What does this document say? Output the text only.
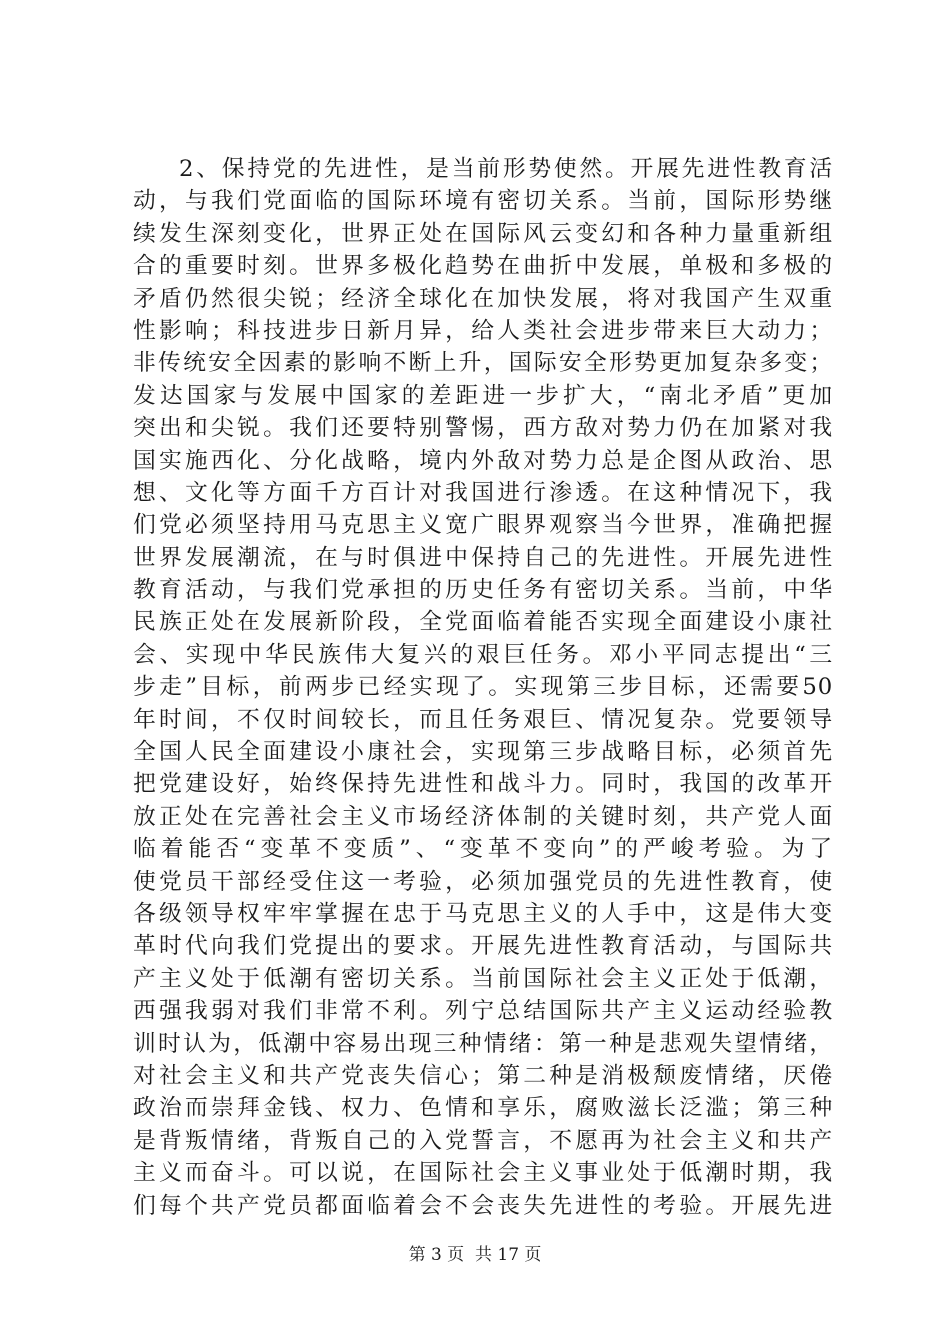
2、保持党的先进性，是当前形势使然。开展先进性教育活
动，与我们党面临的国际环境有密切关系。当前，国际形势继
续发生深刻变化，世界正处在国际风云变幻和各种力量重新组
合的重要时刻。世界多极化趋势在曲折中发展，单极和多极的
矛盾仍然很尖锐；经济全球化在加快发展，将对我国产生双重
性影响；科技进步日新月异，给人类社会进步带来巨大动力；
非传统安全因素的影响不断上升，国际安全形势更加复杂多变；
发达国家与发展中国家的差距进一步扩大，“南北矛盾”更加
突出和尖锐。我们还要特别警惕，西方敌对势力仍在加紧对我
国实施西化、分化战略，境内外敌对势力总是企图从政治、思
想、文化等方面千方百计对我国进行渗透。在这种情况下，我
们党必须坚持用马克思主义宽广眼界观察当今世界，准确把握
世界发展潮流，在与时俱进中保持自己的先进性。开展先进性
教育活动，与我们党承担的历史任务有密切关系。当前，中华
民族正处在发展新阶段，全党面临着能否实现全面建设小康社
会、实现中华民族伟大复兴的艰巨任务。邓小平同志提出“三
步走”目标，前两步已经实现了。实现第三步目标，还需要50
年时间，不仅时间较长，而且任务艰巨、情况复杂。党要领导
全国人民全面建设小康社会，实现第三步战略目标，必须首先
把党建设好，始终保持先进性和战斗力。同时，我国的改革开
放正处在完善社会主义市场经济体制的关键时刻，共产党人面
临着能否“变革不变质”、“变革不变向”的严峻考验。为了
使党员干部经受住这一考验，必须加强党员的先进性教育，使
各级领导权牢牢掌握在忠于马克思主义的人手中，这是伟大变
革时代向我们党提出的要求。开展先进性教育活动，与国际共
产主义处于低潮有密切关系。当前国际社会主义正处于低潮，
西强我弱对我们非常不利。列宁总结国际共产主义运动经验教
训时认为，低潮中容易出现三种情绪：第一种是悲观失望情绪，
对社会主义和共产党丧失信心；第二种是消极颓废情绪，厌倦
政治而崇拜金钱、权力、色情和享乐，腐败滋长泛滥；第三种
是背叛情绪，背叛自己的入党誓言，不愿再为社会主义和共产
主义而奋斗。可以说，在国际社会主义事业处于低潮时期，我
们每个共产党员都面临着会不会丧失先进性的考验。开展先进
第 3 页  共 17 页
